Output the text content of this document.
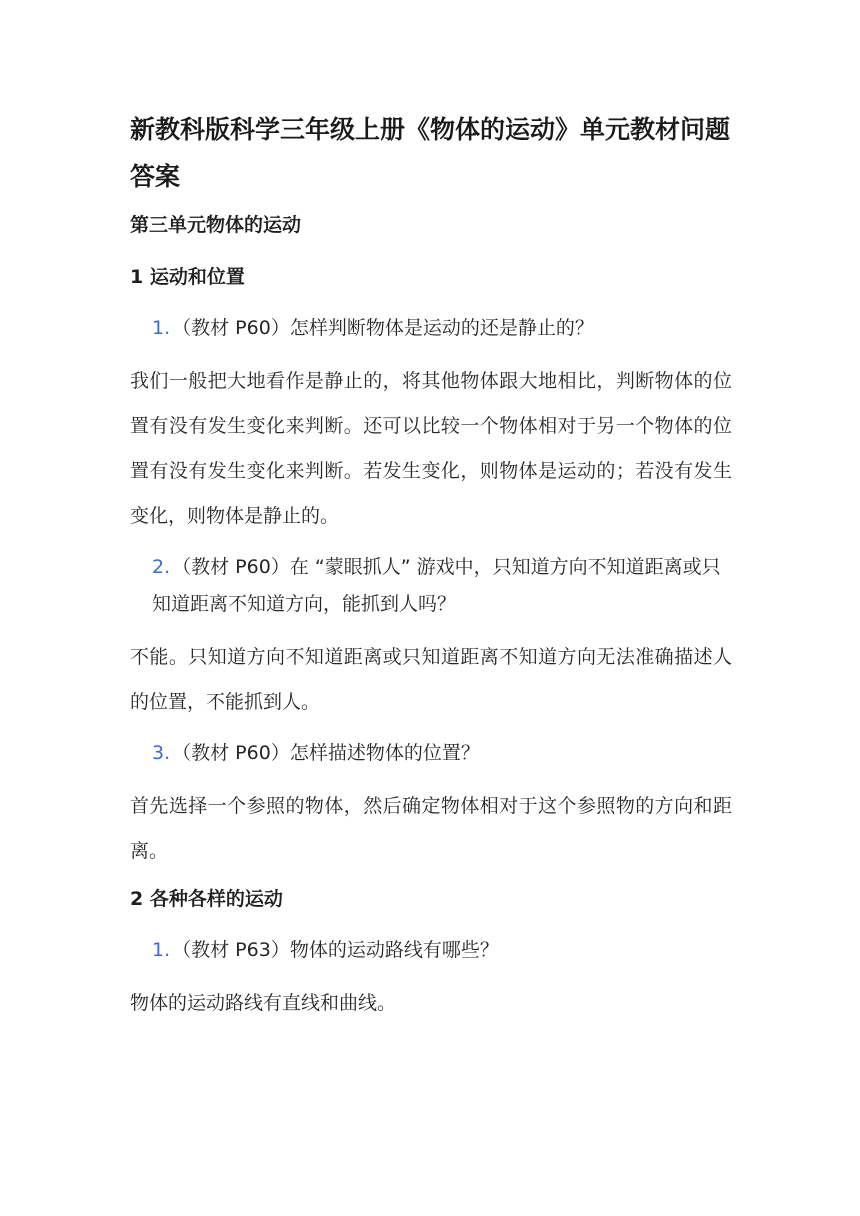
新教科版科学三年级上册《物体的运动》单元教材问题答案
第三单元物体的运动
1 运动和位置
1. （教材 P60）怎样判断物体是运动的还是静止的？
我们一般把大地看作是静止的，将其他物体跟大地相比，判断物体的位置有没有发生变化来判断。还可以比较一个物体相对于另一个物体的位置有没有发生变化来判断。若发生变化，则物体是运动的；若没有发生变化，则物体是静止的。
2. （教材 P60）在 “蒙眼抓人” 游戏中，只知道方向不知道距离或只知道距离不知道方向，能抓到人吗？
不能。只知道方向不知道距离或只知道距离不知道方向无法准确描述人的位置，不能抓到人。
3. （教材 P60）怎样描述物体的位置？
首先选择一个参照的物体，然后确定物体相对于这个参照物的方向和距离。
2 各种各样的运动
1. （教材 P63）物体的运动路线有哪些？
物体的运动路线有直线和曲线。
